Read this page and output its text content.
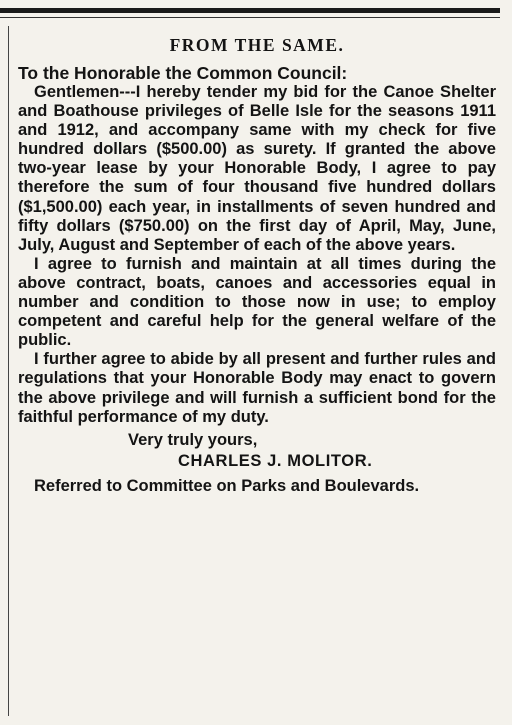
FROM THE SAME.

To the Honorable the Common Council:

Gentlemen---I hereby tender my bid for the Canoe Shelter and Boathouse privileges of Belle Isle for the seasons 1911 and 1912, and accompany same with my check for five hundred dollars ($500.00) as surety. If granted the above two-year lease by your Honorable Body, I agree to pay therefore the sum of four thousand five hundred dollars ($1,500.00) each year, in installments of seven hundred and fifty dollars ($750.00) on the first day of April, May, June, July, August and September of each of the above years.

I agree to furnish and maintain at all times during the above contract, boats, canoes and accessories equal in number and condition to those now in use; to employ competent and careful help for the general welfare of the public.

I further agree to abide by all present and further rules and regulations that your Honorable Body may enact to govern the above privilege and will furnish a sufficient bond for the faithful performance of my duty.

Very truly yours,

CHARLES J. MOLITOR.

Referred to Committee on Parks and Boulevards.
